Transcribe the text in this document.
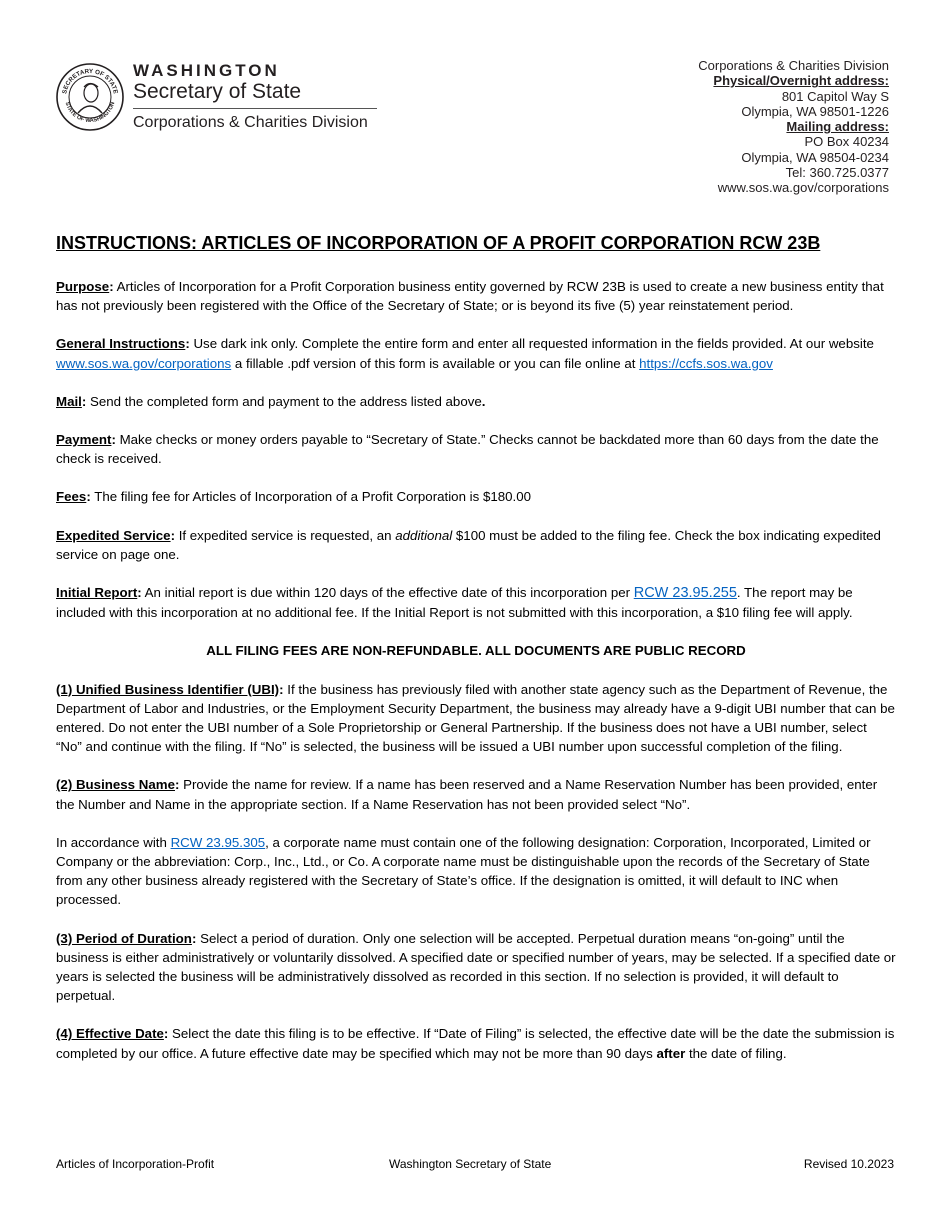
SECRETARY OF STATE
STATE OF WASHINGTON
WASHINGTON
Secretary of State
Corporations & Charities Division
Corporations & Charities Division
Physical/Overnight address:
801 Capitol Way S
Olympia, WA 98501-1226
Mailing address:
PO Box 40234
Olympia, WA 98504-0234
Tel: 360.725.0377
www.sos.wa.gov/corporations
INSTRUCTIONS: ARTICLES OF INCORPORATION OF A PROFIT CORPORATION RCW 23B

Purpose: Articles of Incorporation for a Profit Corporation business entity governed by RCW 23B is used to create a new business entity that has not previously been registered with the Office of the Secretary of State; or is beyond its five (5) year reinstatement period.

General Instructions: Use dark ink only. Complete the entire form and enter all requested information in the fields provided. At our website www.sos.wa.gov/corporations a fillable .pdf version of this form is available or you can file online at https://ccfs.sos.wa.gov

Mail: Send the completed form and payment to the address listed above.

Payment: Make checks or money orders payable to “Secretary of State.” Checks cannot be backdated more than 60 days from the date the check is received.

Fees: The filing fee for Articles of Incorporation of a Profit Corporation is $180.00

Expedited Service: If expedited service is requested, an additional $100 must be added to the filing fee. Check the box indicating expedited service on page one.

Initial Report: An initial report is due within 120 days of the effective date of this incorporation per RCW 23.95.255. The report may be included with this incorporation at no additional fee. If the Initial Report is not submitted with this incorporation, a $10 filing fee will apply.

ALL FILING FEES ARE NON-REFUNDABLE. ALL DOCUMENTS ARE PUBLIC RECORD

(1) Unified Business Identifier (UBI): If the business has previously filed with another state agency such as the Department of Revenue, the Department of Labor and Industries, or the Employment Security Department, the business may already have a 9-digit UBI number that can be entered. Do not enter the UBI number of a Sole Proprietorship or General Partnership. If the business does not have a UBI number, select “No” and continue with the filing. If “No” is selected, the business will be issued a UBI number upon successful completion of the filing.

(2) Business Name: Provide the name for review. If a name has been reserved and a Name Reservation Number has been provided, enter the Number and Name in the appropriate section. If a Name Reservation has not been provided select “No”.

In accordance with RCW 23.95.305, a corporate name must contain one of the following designation: Corporation, Incorporated, Limited or Company or the abbreviation: Corp., Inc., Ltd., or Co. A corporate name must be distinguishable upon the records of the Secretary of State from any other business already registered with the Secretary of State’s office. If the designation is omitted, it will default to INC when processed.

(3) Period of Duration: Select a period of duration. Only one selection will be accepted. Perpetual duration means “on-going” until the business is either administratively or voluntarily dissolved. A specified date or specified number of years, may be selected. If a specified date or years is selected the business will be administratively dissolved as recorded in this section. If no selection is provided, it will default to perpetual.

(4) Effective Date: Select the date this filing is to be effective. If “Date of Filing” is selected, the effective date will be the date the submission is completed by our office. A future effective date may be specified which may not be more than 90 days after the date of filing.

Articles of Incorporation-Profit	Washington Secretary of State	Revised 10.2023
